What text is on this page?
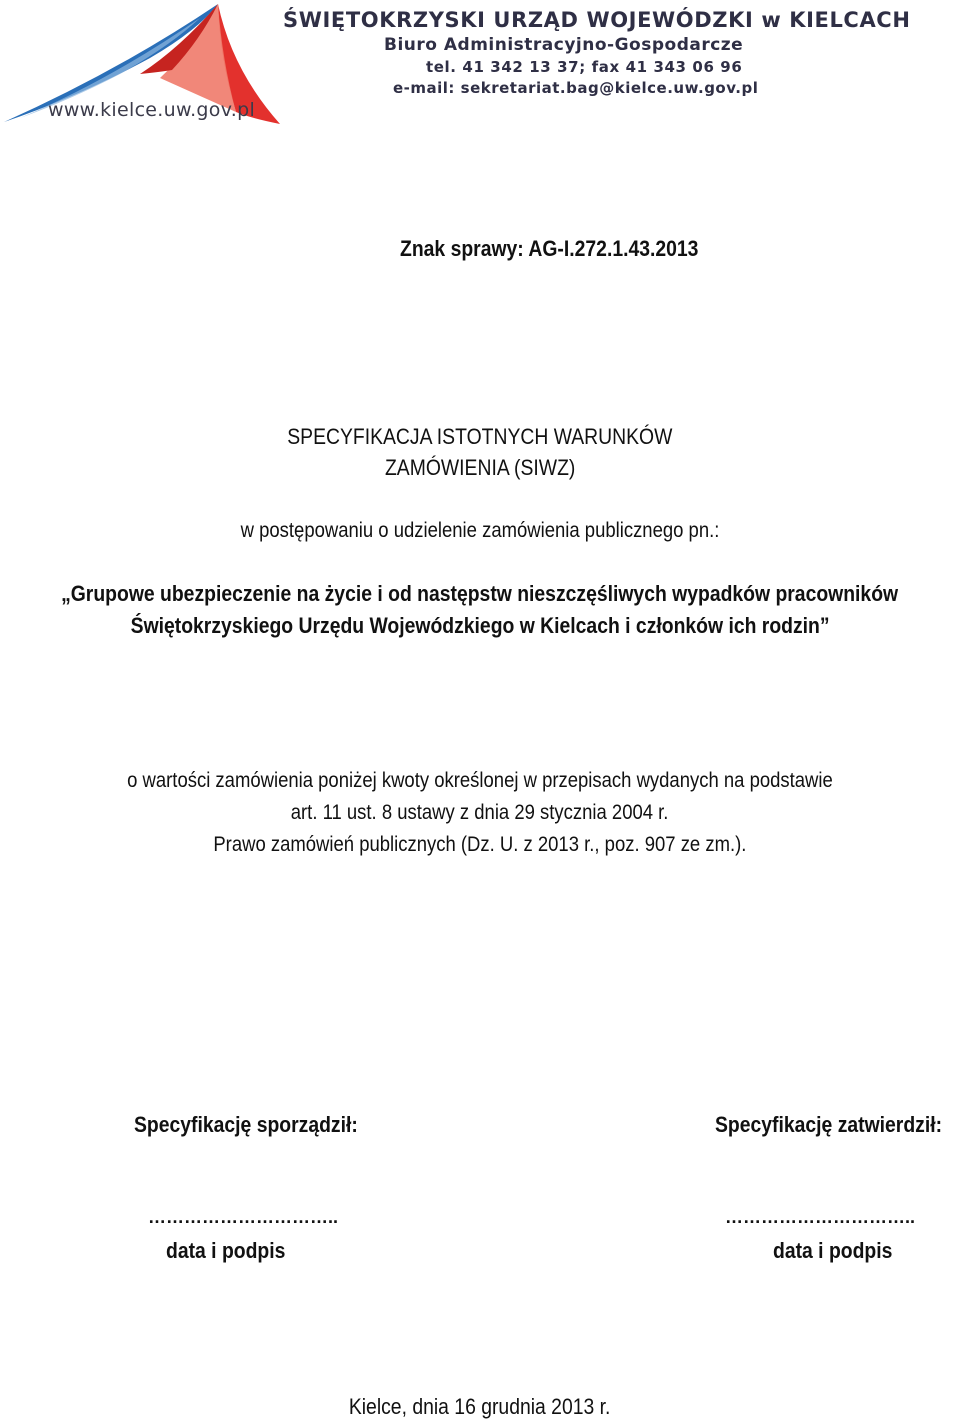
www.kielce.uw.gov.pl
ŚWIĘTOKRZYSKI URZĄD WOJEWÓDZKI w KIELCACH
Biuro Administracyjno-Gospodarcze
tel. 41 342 13 37; fax 41 343 06 96
e-mail: sekretariat.bag@kielce.uw.gov.pl
Znak sprawy: AG-I.272.1.43.2013
SPECYFIKACJA ISTOTNYCH WARUNKÓW
ZAMÓWIENIA (SIWZ)
w postępowaniu o udzielenie zamówienia publicznego pn.:
„Grupowe ubezpieczenie na życie i od następstw nieszczęśliwych wypadków pracowników
Świętokrzyskiego Urzędu Wojewódzkiego w Kielcach i członków ich rodzin”
o wartości zamówienia poniżej kwoty określonej w przepisach wydanych na podstawie
art. 11 ust. 8 ustawy z dnia 29 stycznia 2004 r.
Prawo zamówień publicznych (Dz. U. z 2013 r., poz. 907 ze zm.).
Specyfikację sporządził:	Specyfikację zatwierdził:
…………………………..	…………………………..
data i podpis	data i podpis
Kielce, dnia 16 grudnia 2013 r.
